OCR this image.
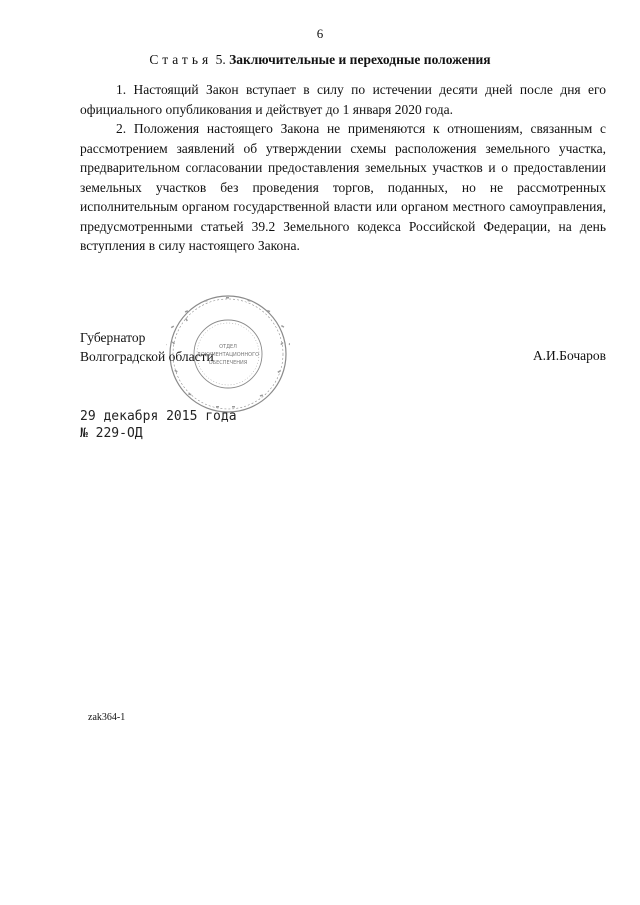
6
Статья 5. Заключительные и переходные положения

1. Настоящий Закон вступает в силу по истечении десяти дней после дня его официального опубликования и действует до 1 января 2020 года.

2. Положения настоящего Закона не применяются к отношениям, связанным с рассмотрением заявлений об утверждении схемы расположения земельного участка, предварительном согласовании предоставления земельных участков и о предоставлении земельных участков без проведения торгов, поданных, но не рассмотренных исполнительным органом государственной власти или органом местного самоуправления, предусмотренными статьей 39.2 Земельного кодекса Российской Федерации, на день вступления в силу настоящего Закона.

ОТДЕЛ
ДОКУМЕНТАЦИОННОГО
ОБЕСПЕЧЕНИЯ
Губернатор
Волгоградской области	А.И.Бочаров
29 декабря 2015 года
№ 229-ОД
zak364-1
